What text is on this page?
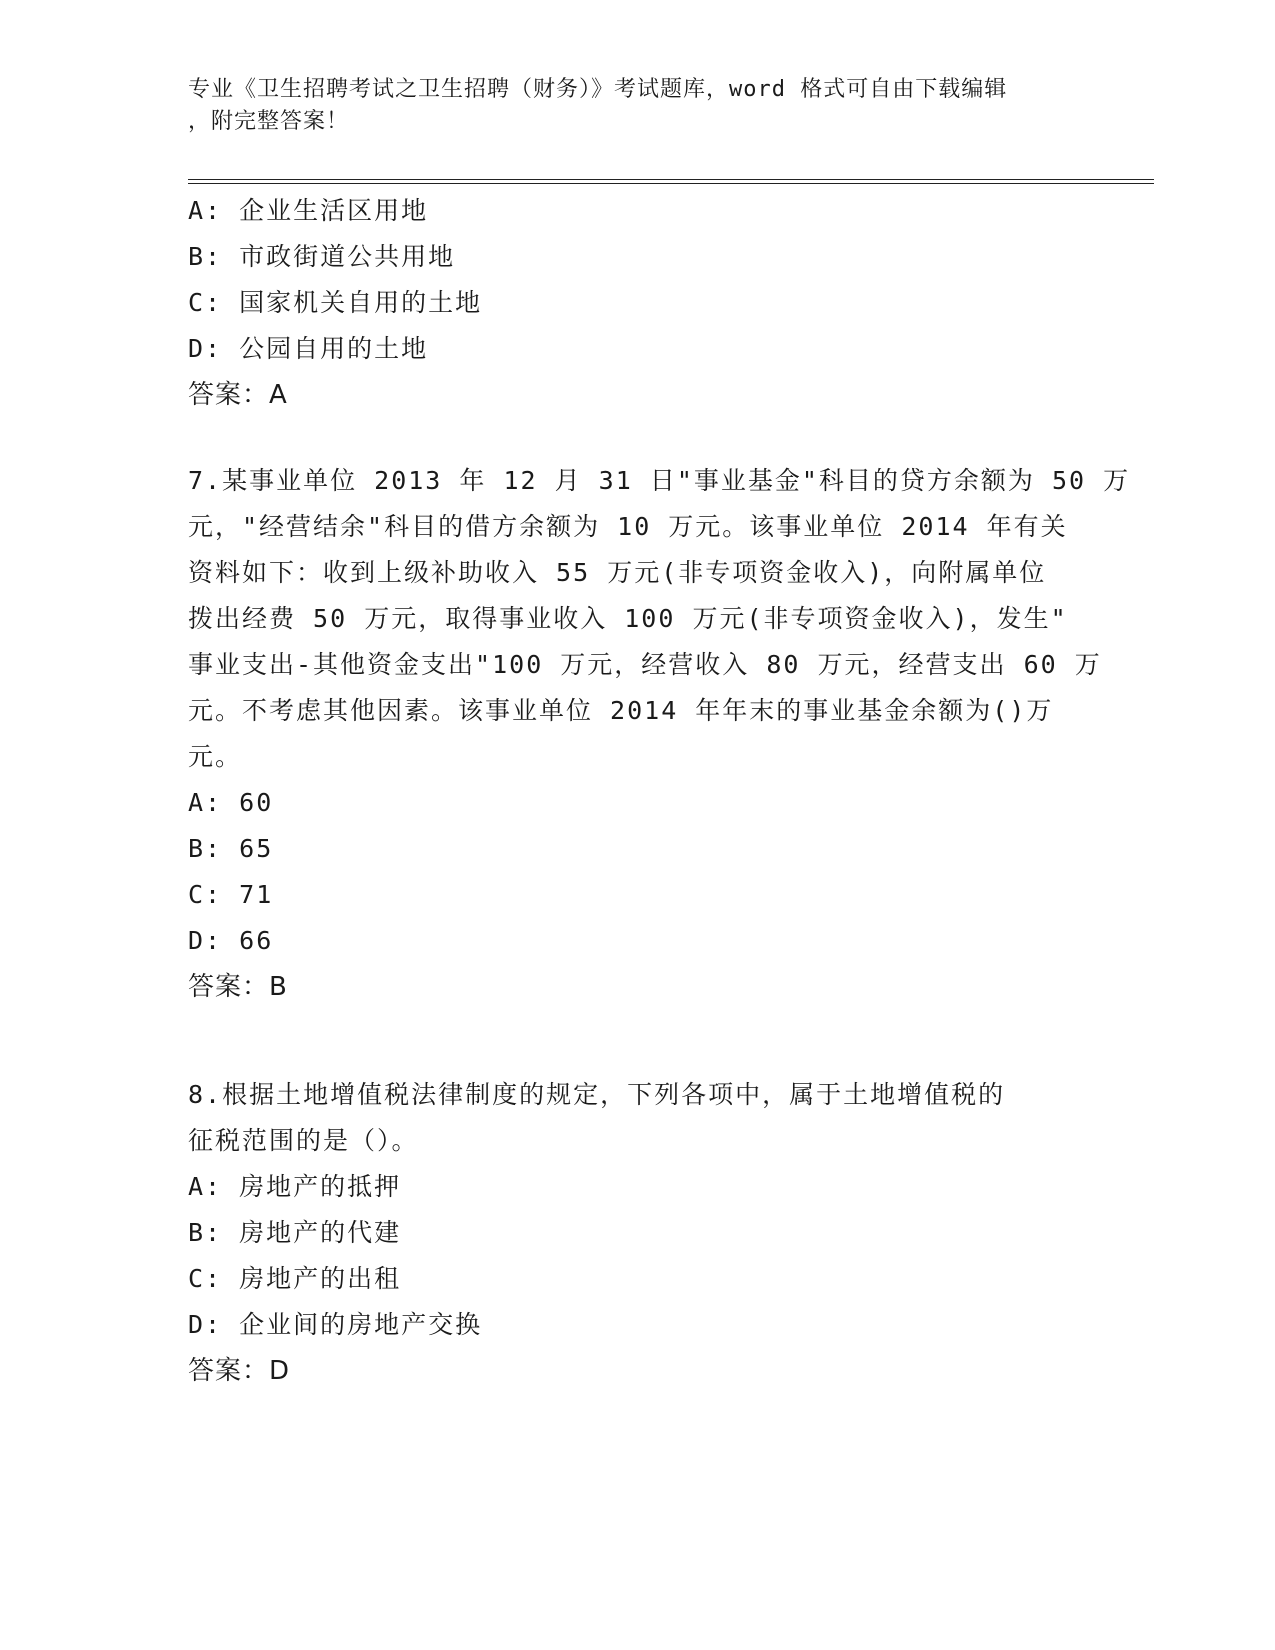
专业《卫生招聘考试之卫生招聘（财务）》考试题库，word 格式可自由下载编辑
，附完整答案！
A: 企业生活区用地
B: 市政街道公共用地
C: 国家机关自用的土地
D: 公园自用的土地
答案：A
7.某事业单位 2013 年 12 月 31 日"事业基金"科目的贷方余额为 50 万
元，"经营结余"科目的借方余额为 10 万元。该事业单位 2014 年有关
资料如下：收到上级补助收入 55 万元(非专项资金收入)，向附属单位
拨出经费 50 万元，取得事业收入 100 万元(非专项资金收入)，发生"
事业支出-其他资金支出"100 万元，经营收入 80 万元，经营支出 60 万
元。不考虑其他因素。该事业单位 2014 年年末的事业基金余额为()万
元。
A: 60
B: 65
C: 71
D: 66
答案：B
8.根据土地增值税法律制度的规定，下列各项中，属于土地增值税的
征税范围的是（）。
A: 房地产的抵押
B: 房地产的代建
C: 房地产的出租
D: 企业间的房地产交换
答案：D
